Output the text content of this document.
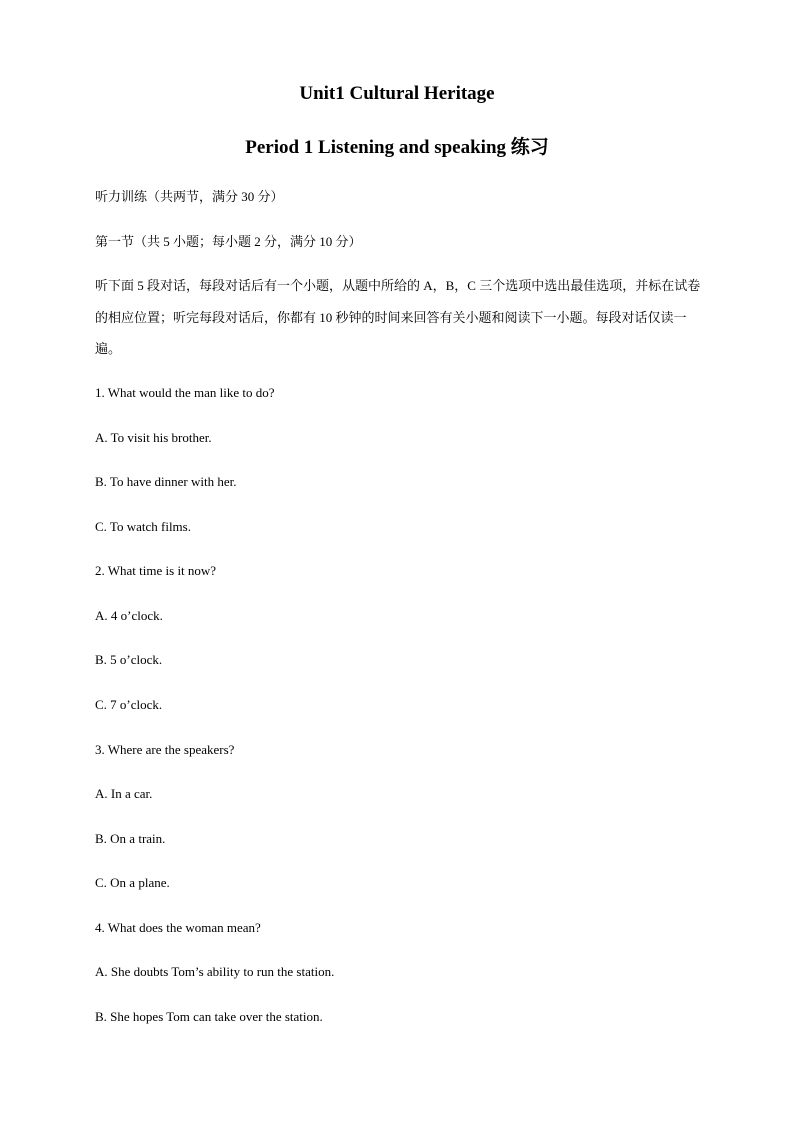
Unit1 Cultural Heritage
Period 1 Listening and speaking 练习
听力训练（共两节，满分 30 分）
第一节（共 5 小题；每小题 2 分，满分 10 分）
听下面 5 段对话，每段对话后有一个小题，从题中所给的 A，B，C 三个选项中选出最佳选项，并标在试卷的相应位置；听完每段对话后，你都有 10 秒钟的时间来回答有关小题和阅读下一小题。每段对话仅读一遍。
1. What would the man like to do?
A. To visit his brother.
B. To have dinner with her.
C. To watch films.
2. What time is it now?
A. 4 o’clock.
B. 5 o’clock.
C. 7 o’clock.
3. Where are the speakers?
A. In a car.
B. On a train.
C. On a plane.
4. What does the woman mean?
A. She doubts Tom’s ability to run the station.
B. She hopes Tom can take over the station.
